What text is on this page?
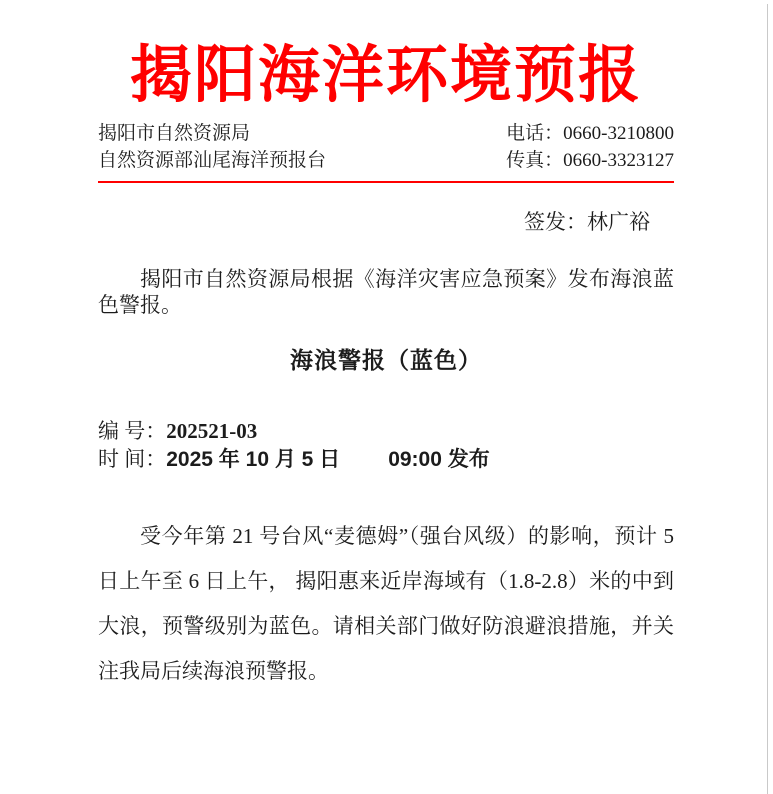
揭阳海洋环境预报
揭阳市自然资源局
自然资源部汕尾海洋预报台
电话：0660-3210800
传真：0660-3323127
签发：林广裕

揭阳市自然资源局根据《海洋灾害应急预案》发布海浪蓝色警报。

海浪警报（蓝色）
编 号：202521-03
时 间：2025 年 10 月 5 日 09:00 发布

受今年第 21 号台风“麦德姆”（强台风级）的影响，预计 5 日上午至 6 日上午， 揭阳惠来近岸海域有（1.8-2.8）米的中到大浪，预警级别为蓝色。请相关部门做好防浪避浪措施，并关注我局后续海浪预警报。
